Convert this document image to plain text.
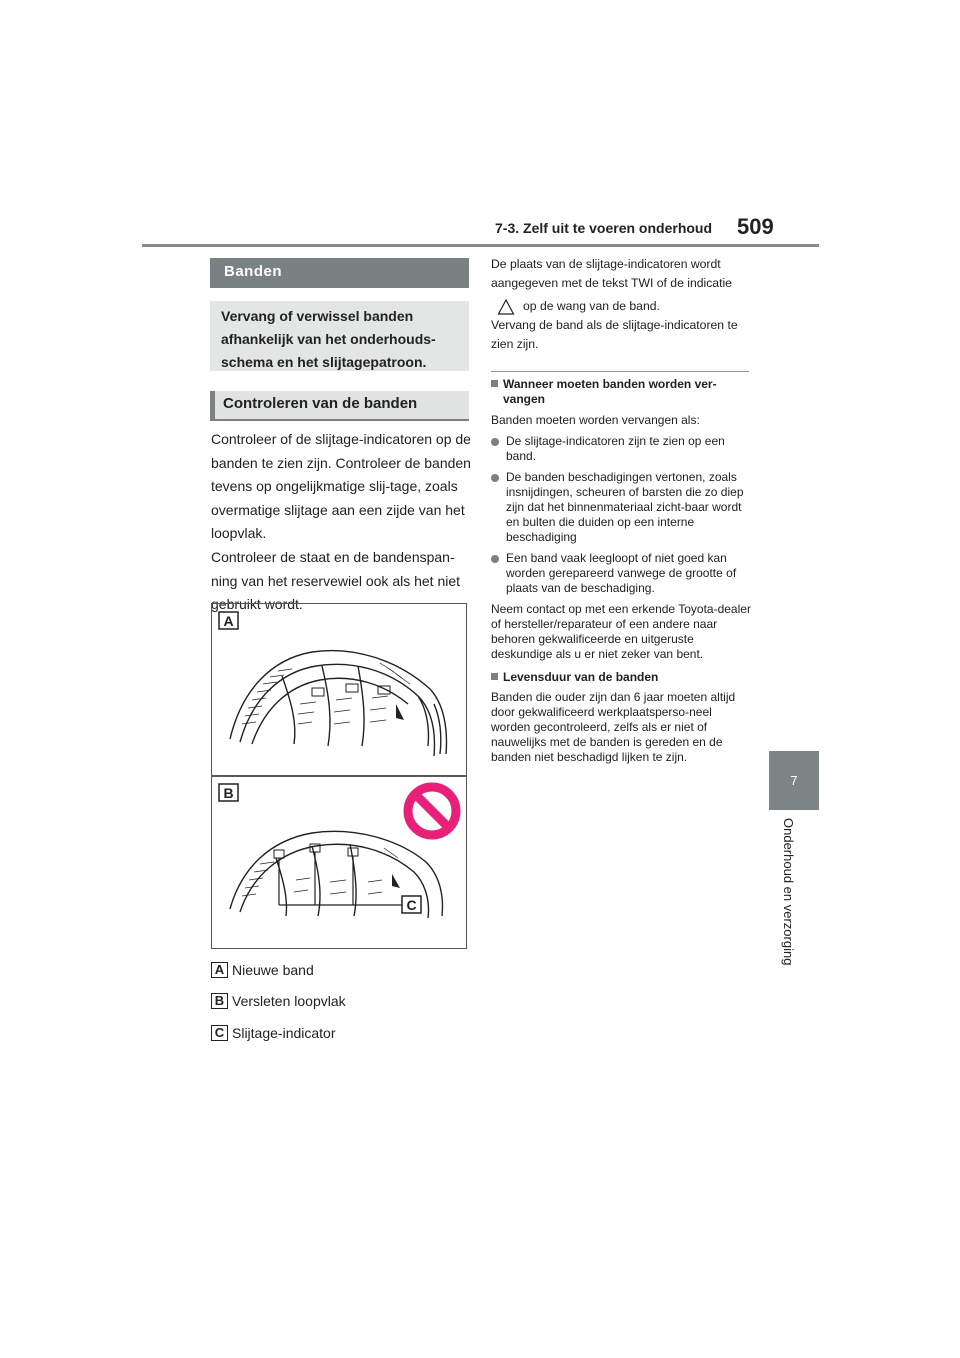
7-3. Zelf uit te voeren onderhoud 509
7
Onderhoud en verzorging
Banden
Vervang of verwissel banden afhankelijk van het onderhouds-schema en het slijtagepatroon.
Controleren van de banden

Controleer of de slijtage-indicatoren op de banden te zien zijn. Controleer de banden tevens op ongelijkmatige slij-tage, zoals overmatige slijtage aan een zijde van het loopvlak.

Controleer de staat en de bandenspan-ning van het reservewiel ook als het niet gebruikt wordt.

A
B
C
A Nieuwe band
B Versleten loopvlak
C Slijtage-indicator

De plaats van de slijtage-indicatoren wordt aangegeven met de tekst TWI of de indicatie

op de wang van de band.

Vervang de band als de slijtage-indicatoren te zien zijn.

Wanneer moeten banden worden ver-vangen

Banden moeten worden vervangen als:

De slijtage-indicatoren zijn te zien op een band.
De banden beschadigingen vertonen, zoals insnijdingen, scheuren of barsten die zo diep zijn dat het binnenmateriaal zicht-baar wordt en bulten die duiden op een interne beschadiging
Een band vaak leegloopt of niet goed kan worden gerepareerd vanwege de grootte of plaats van de beschadiging.

Neem contact op met een erkende Toyota-dealer of hersteller/reparateur of een andere naar behoren gekwalificeerde en uitgeruste deskundige als u er niet zeker van bent.

Levensduur van de banden

Banden die ouder zijn dan 6 jaar moeten altijd door gekwalificeerd werkplaatsperso-neel worden gecontroleerd, zelfs als er niet of nauwelijks met de banden is gereden en de banden niet beschadigd lijken te zijn.
